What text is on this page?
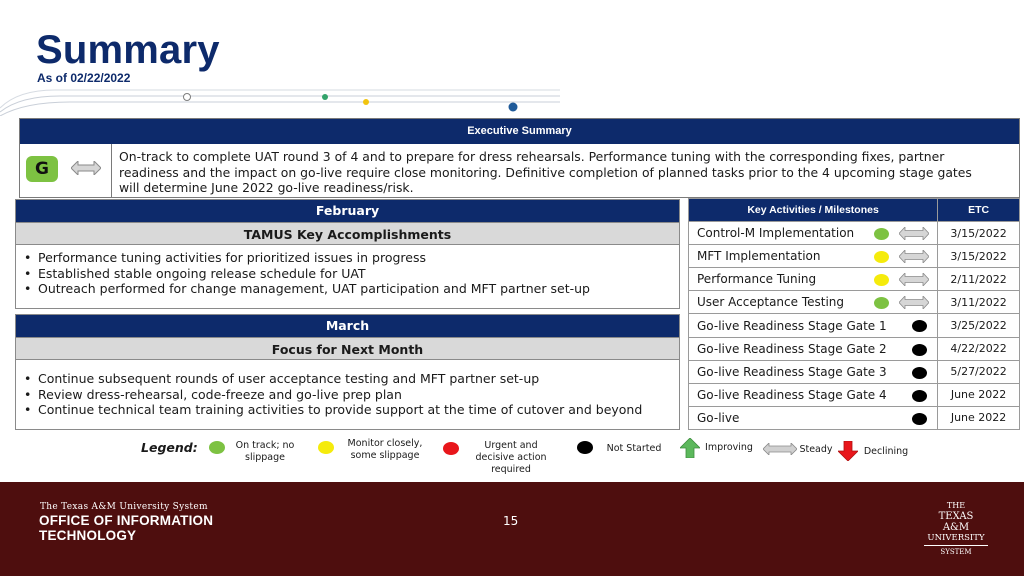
Summary
As of 02/22/2022
Executive Summary
G
On-track to complete UAT round 3 of 4 and to prepare for dress rehearsals. Performance tuning with the corresponding fixes, partner readiness and the impact on go-live require close monitoring. Definitive completion of planned tasks prior to the 4 upcoming stage gates will determine June 2022 go-live readiness/risk.
February
TAMUS Key Accomplishments
• Performance tuning activities for prioritized issues in progress
• Established stable ongoing release schedule for UAT
• Outreach performed for change management, UAT participation and MFT partner set-up
March
Focus for Next Month
• Continue subsequent rounds of user acceptance testing and MFT partner set-up
• Review dress-rehearsal, code-freeze and go-live prep plan
• Continue technical team training activities to provide support at the time of cutover and beyond
Key Activities / Milestones	ETC
Control-M Implementation	3/15/2022
MFT Implementation	3/15/2022
Performance Tuning	2/11/2022
User Acceptance Testing	3/11/2022
Go-live Readiness Stage Gate 1	3/25/2022
Go-live Readiness Stage Gate 2	4/22/2022
Go-live Readiness Stage Gate 3	5/27/2022
Go-live Readiness Stage Gate 4	June 2022
Go-live	June 2022
Legend:	On track; no slippage
Monitor closely, some slippage
Urgent and decisive action required
Not Started	Improving	Steady	Declining
The Texas A&M University System
OFFICE OF INFORMATION
TECHNOLOGY
15
THE
TEXAS A&M
UNIVERSITY
SYSTEM
